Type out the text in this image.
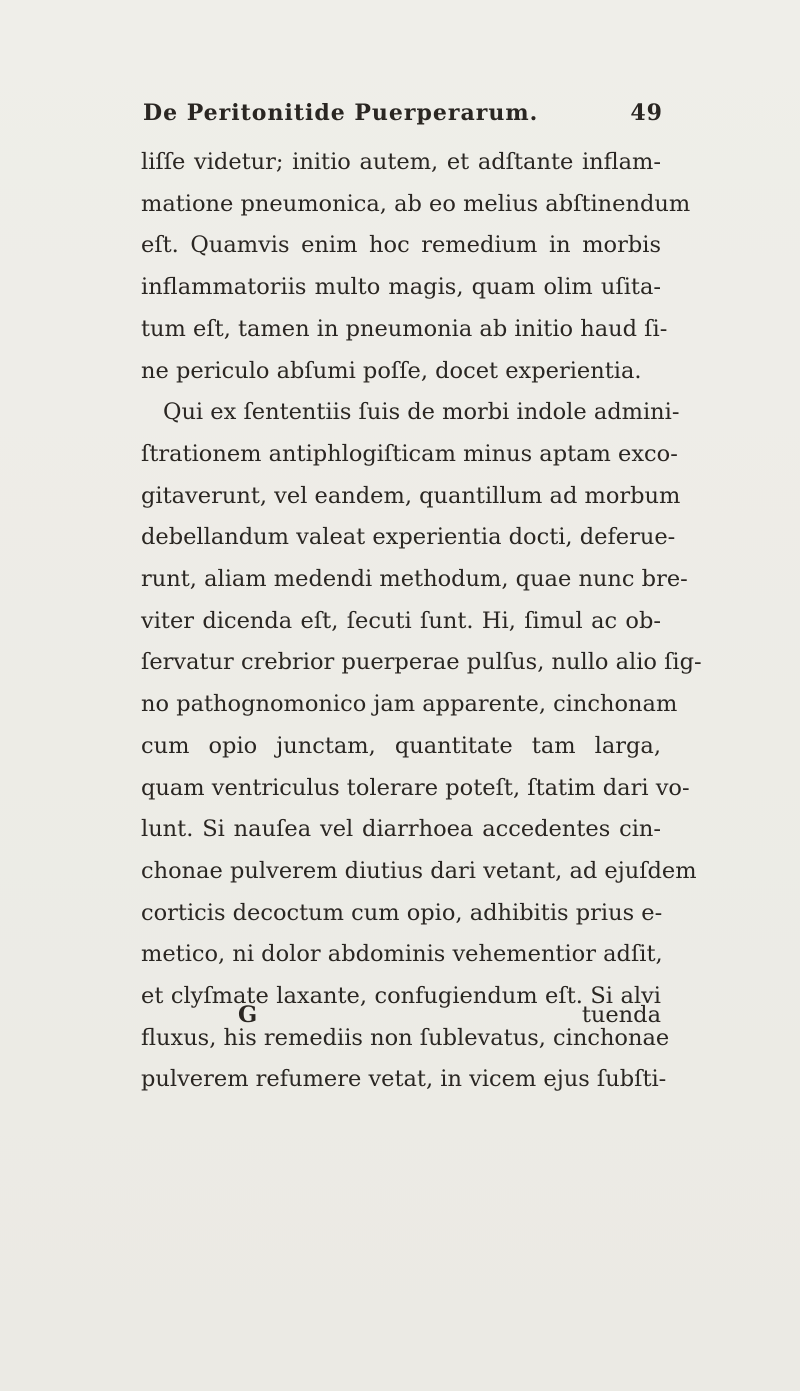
De Peritonitide Puerperarum.	49
liſſe videtur; initio autem, et adſtante inflam-
matione pneumonica, ab eo melius abſtinendum
eſt. Quamvis enim hoc remedium in morbis
inflammatoriis multo magis, quam olim uſita-
tum eſt, tamen in pneumonia ab initio haud ſi-
ne periculo abſumi poſſe, docet experientia.
Qui ex ſententiis ſuis de morbi indole admini-
ſtrationem antiphlogiſticam minus aptam exco-
gitaverunt, vel eandem, quantillum ad morbum
debellandum valeat experientia docti, deferue-
runt, aliam medendi methodum, quae nunc bre-
viter dicenda eſt, ſecuti ſunt. Hi, ſimul ac ob-
ſervatur crebrior puerperae pulſus, nullo alio ſig-
no pathognomonico jam apparente, cinchonam
cum opio junctam, quantitate tam larga,
quam ventriculus tolerare poteſt, ſtatim dari vo-
lunt. Si nauſea vel diarrhoea accedentes cin-
chonae pulverem diutius dari vetant, ad ejuſdem
corticis decoctum cum opio, adhibitis prius e-
metico, ni dolor abdominis vehementior adſit,
et clyſmate laxante, confugiendum eſt. Si alvi
fluxus, his remediis non ſublevatus, cinchonae
pulverem refumere vetat, in vicem ejus ſubſti-
G	tuenda
